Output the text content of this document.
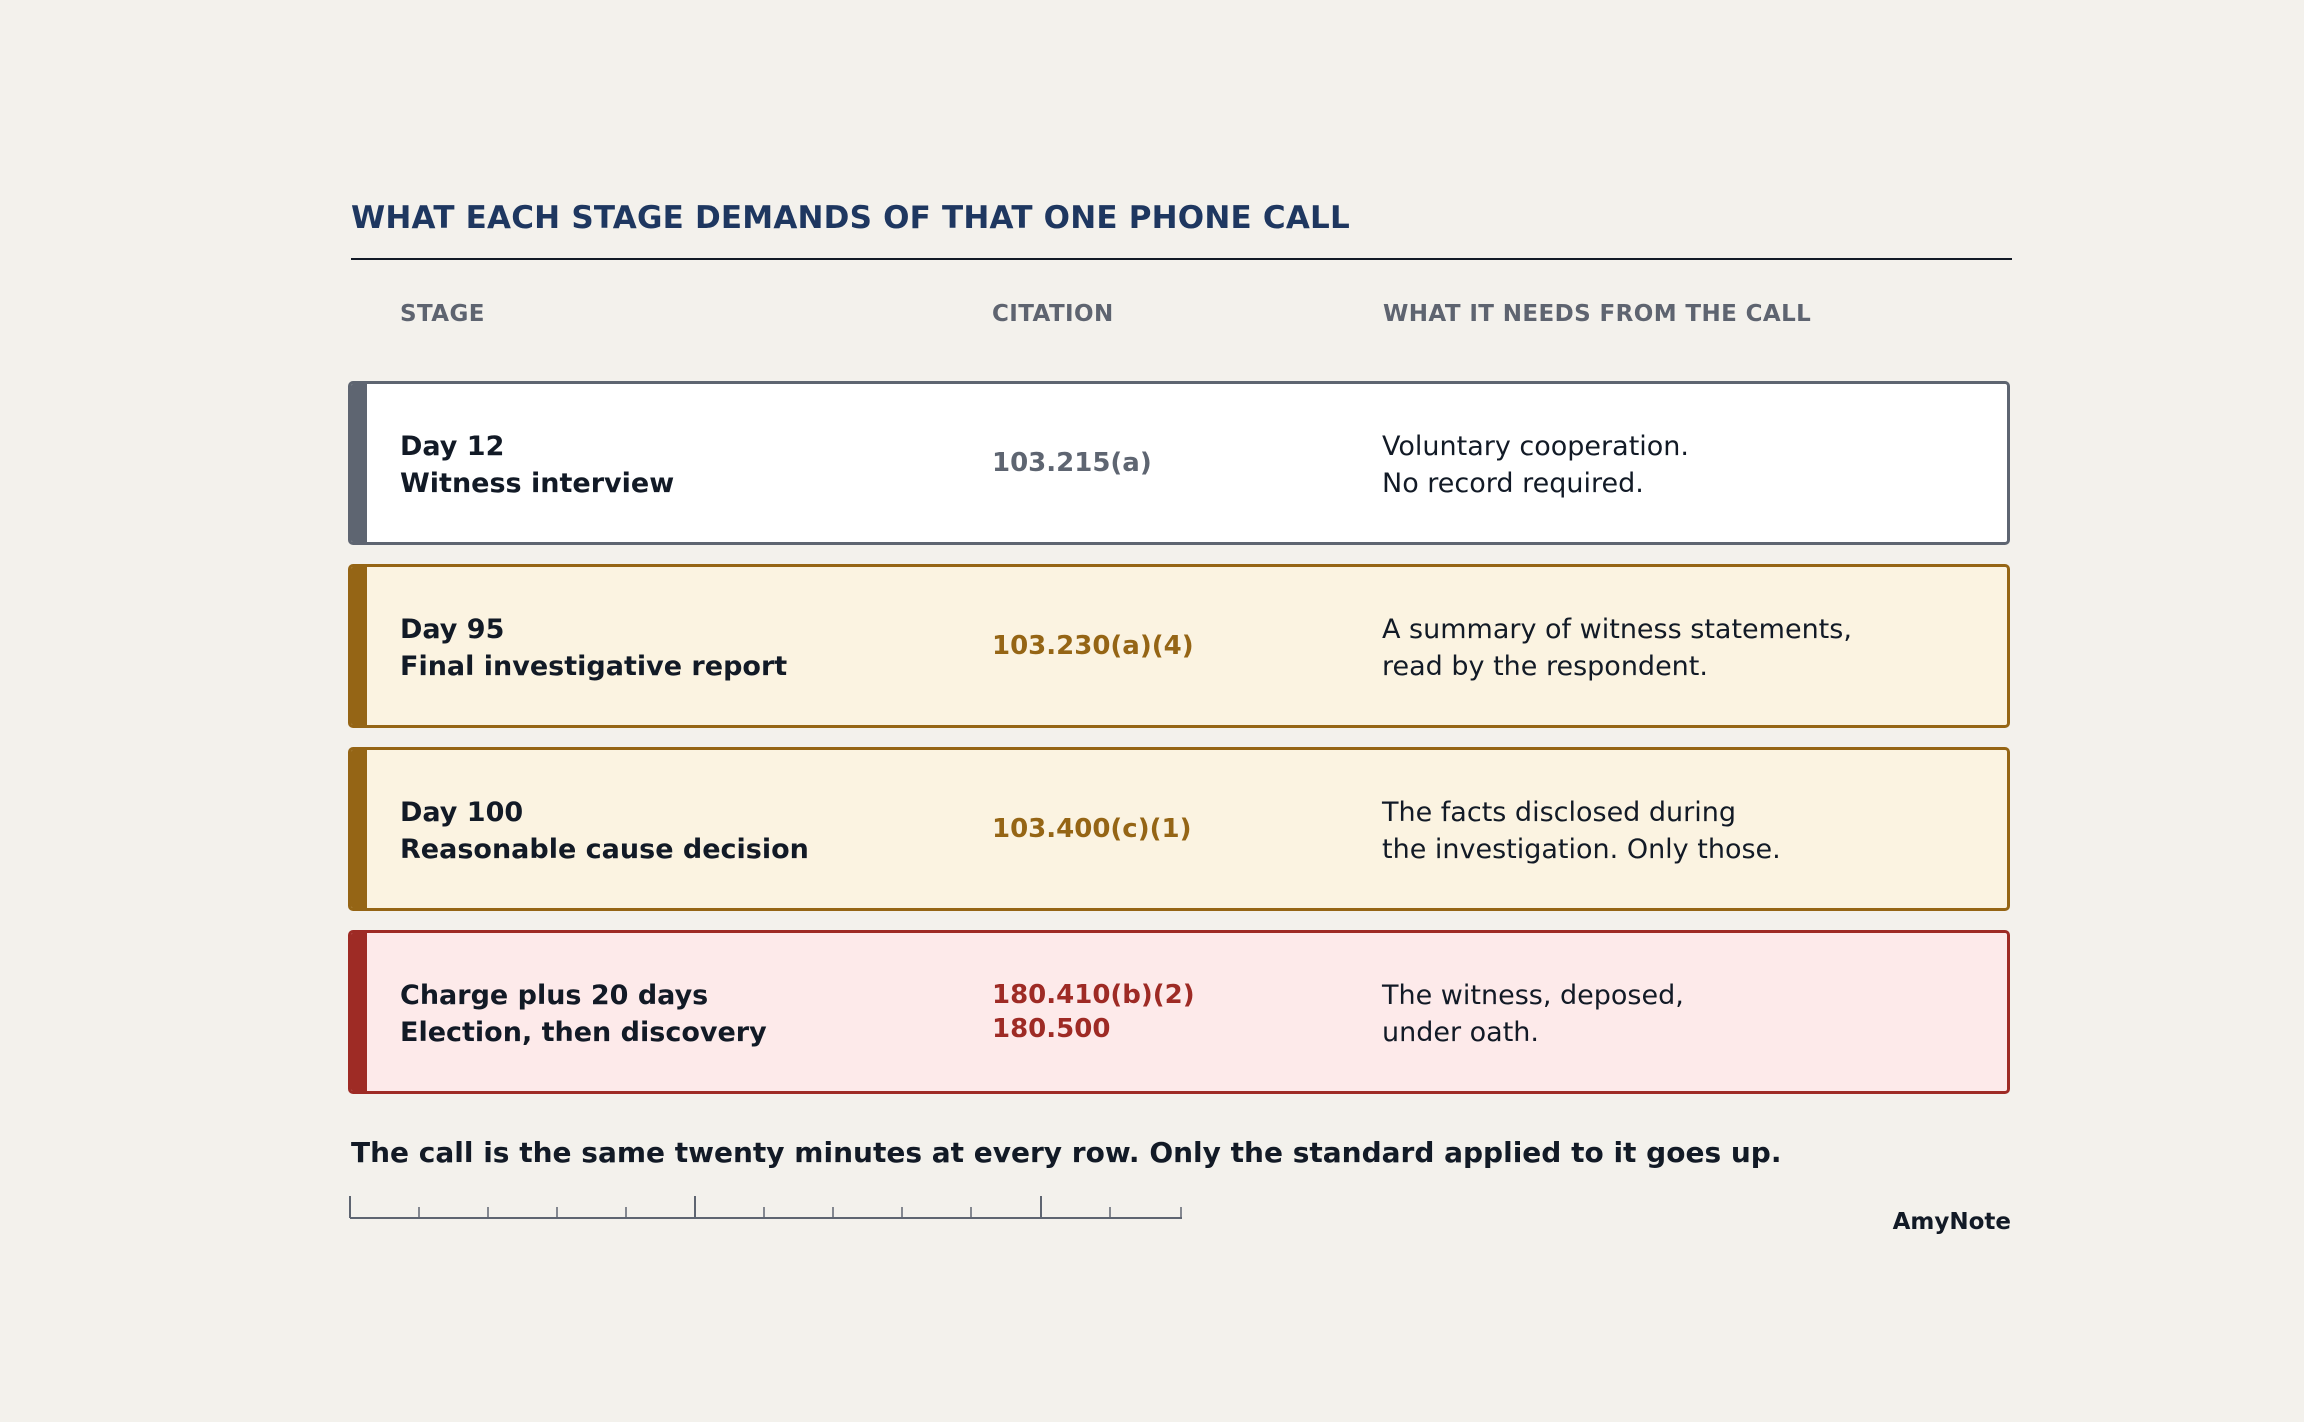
WHAT EACH STAGE DEMANDS OF THAT ONE PHONE CALL
STAGE	CITATION	WHAT IT NEEDS FROM THE CALL
Day 12
Witness interview
103.215(a)
Voluntary cooperation.
No record required.
Day 95
Final investigative report
103.230(a)(4)
A summary of witness statements,
read by the respondent.
Day 100
Reasonable cause decision
103.400(c)(1)
The facts disclosed during
the investigation. Only those.
Charge plus 20 days
Election, then discovery
180.410(b)(2)
180.500
The witness, deposed,
under oath.
The call is the same twenty minutes at every row. Only the standard applied to it goes up.
AmyNote
